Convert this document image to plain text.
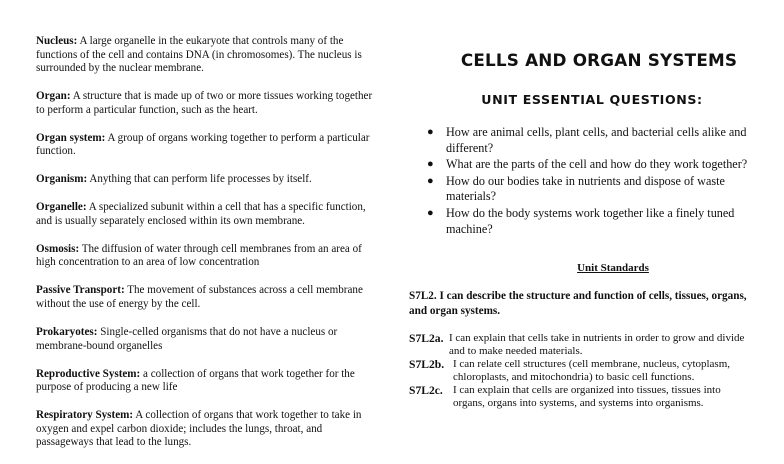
Nucleus: A large organelle in the eukaryote that controls many of the functions of the cell and contains DNA (in chromosomes). The nucleus is surrounded by the nuclear membrane.

Organ: A structure that is made up of two or more tissues working together to perform a particular function, such as the heart.

Organ system: A group of organs working together to perform a particular function.

Organism: Anything that can perform life processes by itself.

Organelle: A specialized subunit within a cell that has a specific function, and is usually separately enclosed within its own membrane.

Osmosis: The diffusion of water through cell membranes from an area of high concentration to an area of low concentration

Passive Transport: The movement of substances across a cell membrane without the use of energy by the cell.

Prokaryotes: Single-celled organisms that do not have a nucleus or membrane-bound organelles

Reproductive System: a collection of organs that work together for the purpose of producing a new life

Respiratory System: A collection of organs that work together to take in oxygen and expel carbon dioxide; includes the lungs, throat, and passageways that lead to the lungs.

CELLS AND ORGAN SYSTEMS
UNIT ESSENTIAL QUESTIONS:
● How are animal cells, plant cells, and bacterial cells alike and different?
● What are the parts of the cell and how do they work together?
● How do our bodies take in nutrients and dispose of waste materials?
● How do the body systems work together like a finely tuned machine?
Unit Standards
S7L2. I can describe the structure and function of cells, tissues, organs, and organ systems.
S7L2a. I can explain that cells take in nutrients in order to grow and divide and to make needed materials.
S7L2b. I can relate cell structures (cell membrane, nucleus, cytoplasm, chloroplasts, and mitochondria) to basic cell functions.
S7L2c. I can explain that cells are organized into tissues, tissues into organs, organs into systems, and systems into organisms.
